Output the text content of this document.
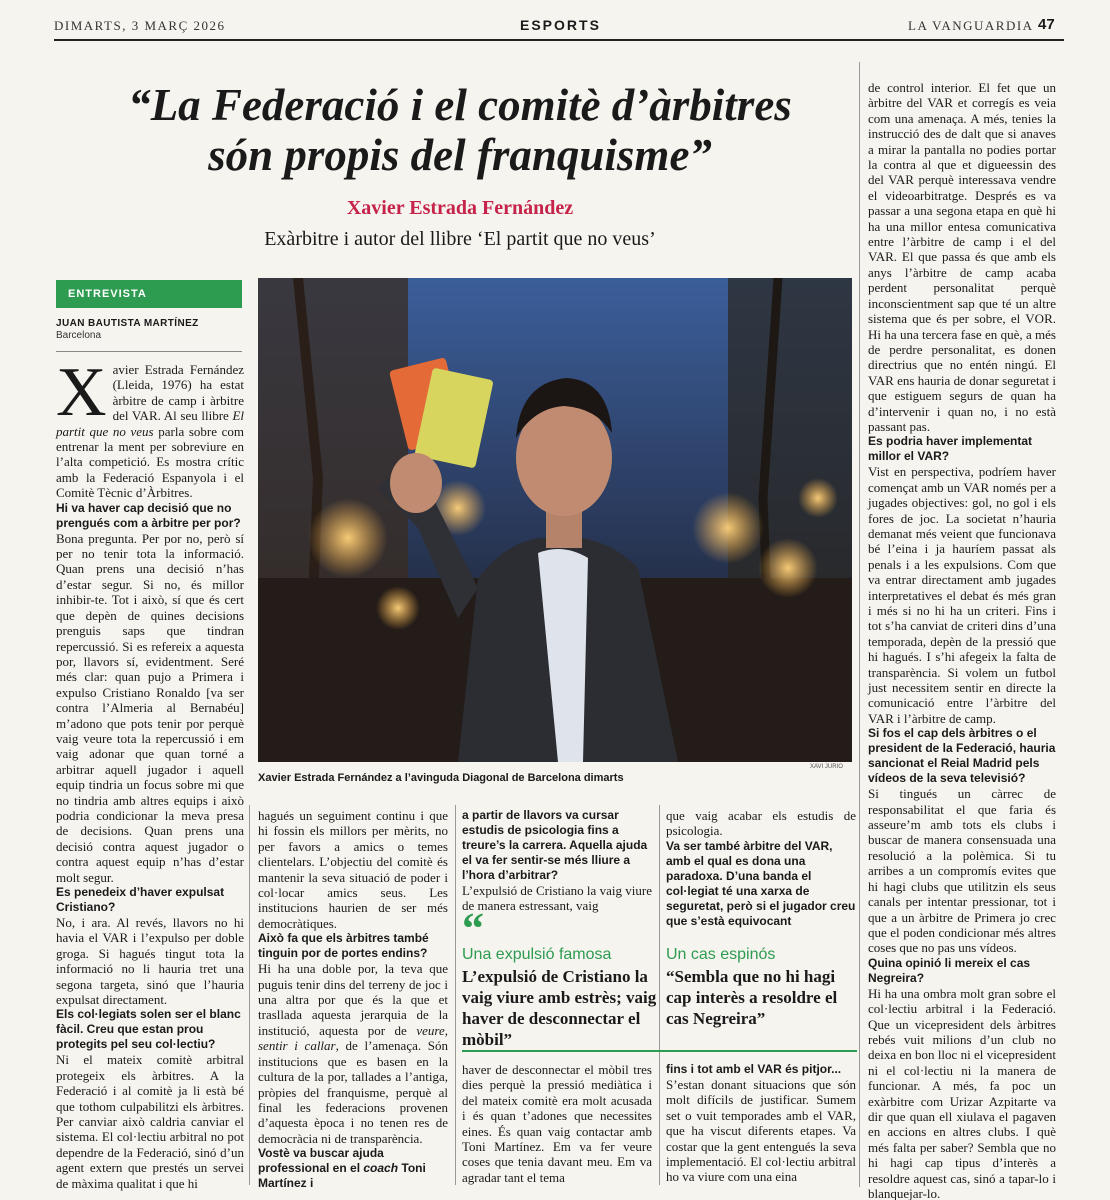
DIMARTS, 3 MARÇ 2026	ESPORTS	LA VANGUARDIA 47
“La Federació i el comitè d’àrbitres
són propis del franquisme”
Xavier Estrada Fernández
Exàrbitre i autor del llibre ‘El partit que no veus’
ENTREVISTA
JUAN BAUTISTA MARTÍNEZ
Barcelona

Xavier Estrada Fernández (Lleida, 1976) ha estat àrbitre de camp i àrbitre del VAR. Al seu llibre El partit que no veus parla sobre com entrenar la ment per sobreviure en l’alta competició. Es mostra crític amb la Federació Espanyola i el Comitè Tècnic d’Àrbitres.

Hi va haver cap decisió que no prengués com a àrbitre per por?

Bona pregunta. Per por no, però sí per no tenir tota la informació. Quan prens una decisió n’has d’estar segur. Si no, és millor inhibir-te. Tot i això, sí que és cert que depèn de quines decisions prenguis saps que tindran repercussió. Si es refereix a aquesta por, llavors sí, evidentment. Seré més clar: quan pujo a Primera i expulso Cristiano Ronaldo [va ser contra l’Almeria al Bernabéu] m’adono que pots tenir por perquè vaig veure tota la repercussió i em vaig adonar que quan torné a arbitrar aquell jugador i aquell equip tindria un focus sobre mi que no tindria amb altres equips i això podria condicionar la meva presa de decisions. Quan prens una decisió contra aquest jugador o contra aquest equip n’has d’estar molt segur.

Es penedeix d’haver expulsat Cristiano?

No, i ara. Al revés, llavors no hi havia el VAR i l’expulso per doble groga. Si hagués tingut tota la informació no li hauria tret una segona targeta, sinó que l’hauria expulsat directament.

Els col·legiats solen ser el blanc fàcil. Creu que estan prou protegits pel seu col·lectiu?

Ni el mateix comitè arbitral protegeix els àrbitres. A la Federació i al comitè ja li està bé que tothom culpabilitzi els àrbitres. Per canviar això caldria canviar el sistema. El col·lectiu arbitral no pot dependre de la Federació, sinó d’un agent extern que prestés un servei de màxima qualitat i que hi

XAVI JURIO
Xavier Estrada Fernández a l’avinguda Diagonal de Barcelona dimarts

hagués un seguiment continu i que hi fossin els millors per mèrits, no per favors a amics o temes clientelars. L’objectiu del comitè és mantenir la seva situació de poder i col·locar amics seus. Les institucions haurien de ser més democràtiques.

Això fa que els àrbitres també tinguin por de portes endins?

Hi ha una doble por, la teva que puguis tenir dins del terreny de joc i una altra por que és la que et trasllada aquesta jerarquia de la institució, aquesta por de veure, sentir i callar, de l’amenaça. Són institucions que es basen en la cultura de la por, tallades a l’antiga, pròpies del franquisme, perquè al final les federacions provenen d’aquesta època i no tenen res de democràcia ni de transparència.

Vostè va buscar ajuda professional en el coach Toni Martínez i

a partir de llavors va cursar estudis de psicologia fins a treure’s la carrera. Aquella ajuda el va fer sentir-se més lliure a l’hora d’arbitrar?

L’expulsió de Cristiano la vaig viure de manera estressant, vaig

haver de desconnectar el mòbil tres dies perquè la pressió mediàtica i del mateix comitè era molt acusada i és quan t’adones que necessites eines. És quan vaig contactar amb Toni Martínez. Em va fer veure coses que tenia davant meu. Em va agradar tant el tema

que vaig acabar els estudis de psicologia.

Va ser també àrbitre del VAR, amb el qual es dona una paradoxa. D’una banda el col·legiat té una xarxa de seguretat, però si el jugador creu que s’està equivocant

fins i tot amb el VAR és pitjor...

S’estan donant situacions que són molt difícils de justificar. Sumem set o vuit temporades amb el VAR, que ha viscut diferents etapes. Va costar que la gent entengués la seva implementació. El col·lectiu arbitral ho va viure com una eina

“
Una expulsió famosa
L’expulsió de Cristiano la vaig viure amb estrès; vaig haver de desconnectar el mòbil”
Un cas espinós
“Sembla que no hi hagi cap interès a resoldre el cas Negreira”

de control interior. El fet que un àrbitre del VAR et corregís es veia com una amenaça. A més, tenies la instrucció des de dalt que si anaves a mirar la pantalla no podies portar la contra al que et digueessin des del VAR perquè interessava vendre el videoarbitratge. Després es va passar a una segona etapa en què hi ha una millor entesa comunicativa entre l’àrbitre de camp i el del VAR. El que passa és que amb els anys l’àrbitre de camp acaba perdent personalitat perquè inconscientment sap que té un altre sistema que és per sobre, el VOR. Hi ha una tercera fase en què, a més de perdre personalitat, es donen directrius que no entén ningú. El VAR ens hauria de donar seguretat i que estiguem segurs de quan ha d’intervenir i quan no, i no està passant pas.

Es podria haver implementat millor el VAR?

Vist en perspectiva, podríem haver començat amb un VAR només per a jugades objectives: gol, no gol i els fores de joc. La societat n’hauria demanat més veient que funcionava bé l’eina i ja hauríem passat als penals i a les expulsions. Com que va entrar directament amb jugades interpretatives el debat és més gran i més si no hi ha un criteri. Fins i tot s’ha canviat de criteri dins d’una temporada, depèn de la pressió que hi hagués. I s’hi afegeix la falta de transparència. Si volem un futbol just necessitem sentir en directe la comunicació entre l’àrbitre del VAR i l’àrbitre de camp.

Si fos el cap dels àrbitres o el president de la Federació, hauria sancionat el Reial Madrid pels vídeos de la seva televisió?

Si tingués un càrrec de responsabilitat el que faria és asseure’m amb tots els clubs i buscar de manera consensuada una resolució a la polèmica. Si tu arribes a un compromís evites que hi hagi clubs que utilitzin els seus canals per intentar pressionar, tot i que a un àrbitre de Primera jo crec que el poden condicionar més altres coses que no pas uns vídeos.

Quina opinió li mereix el cas Negreira?

Hi ha una ombra molt gran sobre el col·lectiu arbitral i la Federació. Que un vicepresident dels àrbitres rebés vuit milions d’un club no deixa en bon lloc ni el vicepresident ni el col·lectiu ni la manera de funcionar. A més, fa poc un exàrbitre com Urizar Azpitarte va dir que quan ell xiulava el pagaven en accions en altres clubs. I què més falta per saber? Sembla que no hi hagi cap tipus d’interès a resoldre aquest cas, sinó a tapar-lo i blanquejar-lo.
